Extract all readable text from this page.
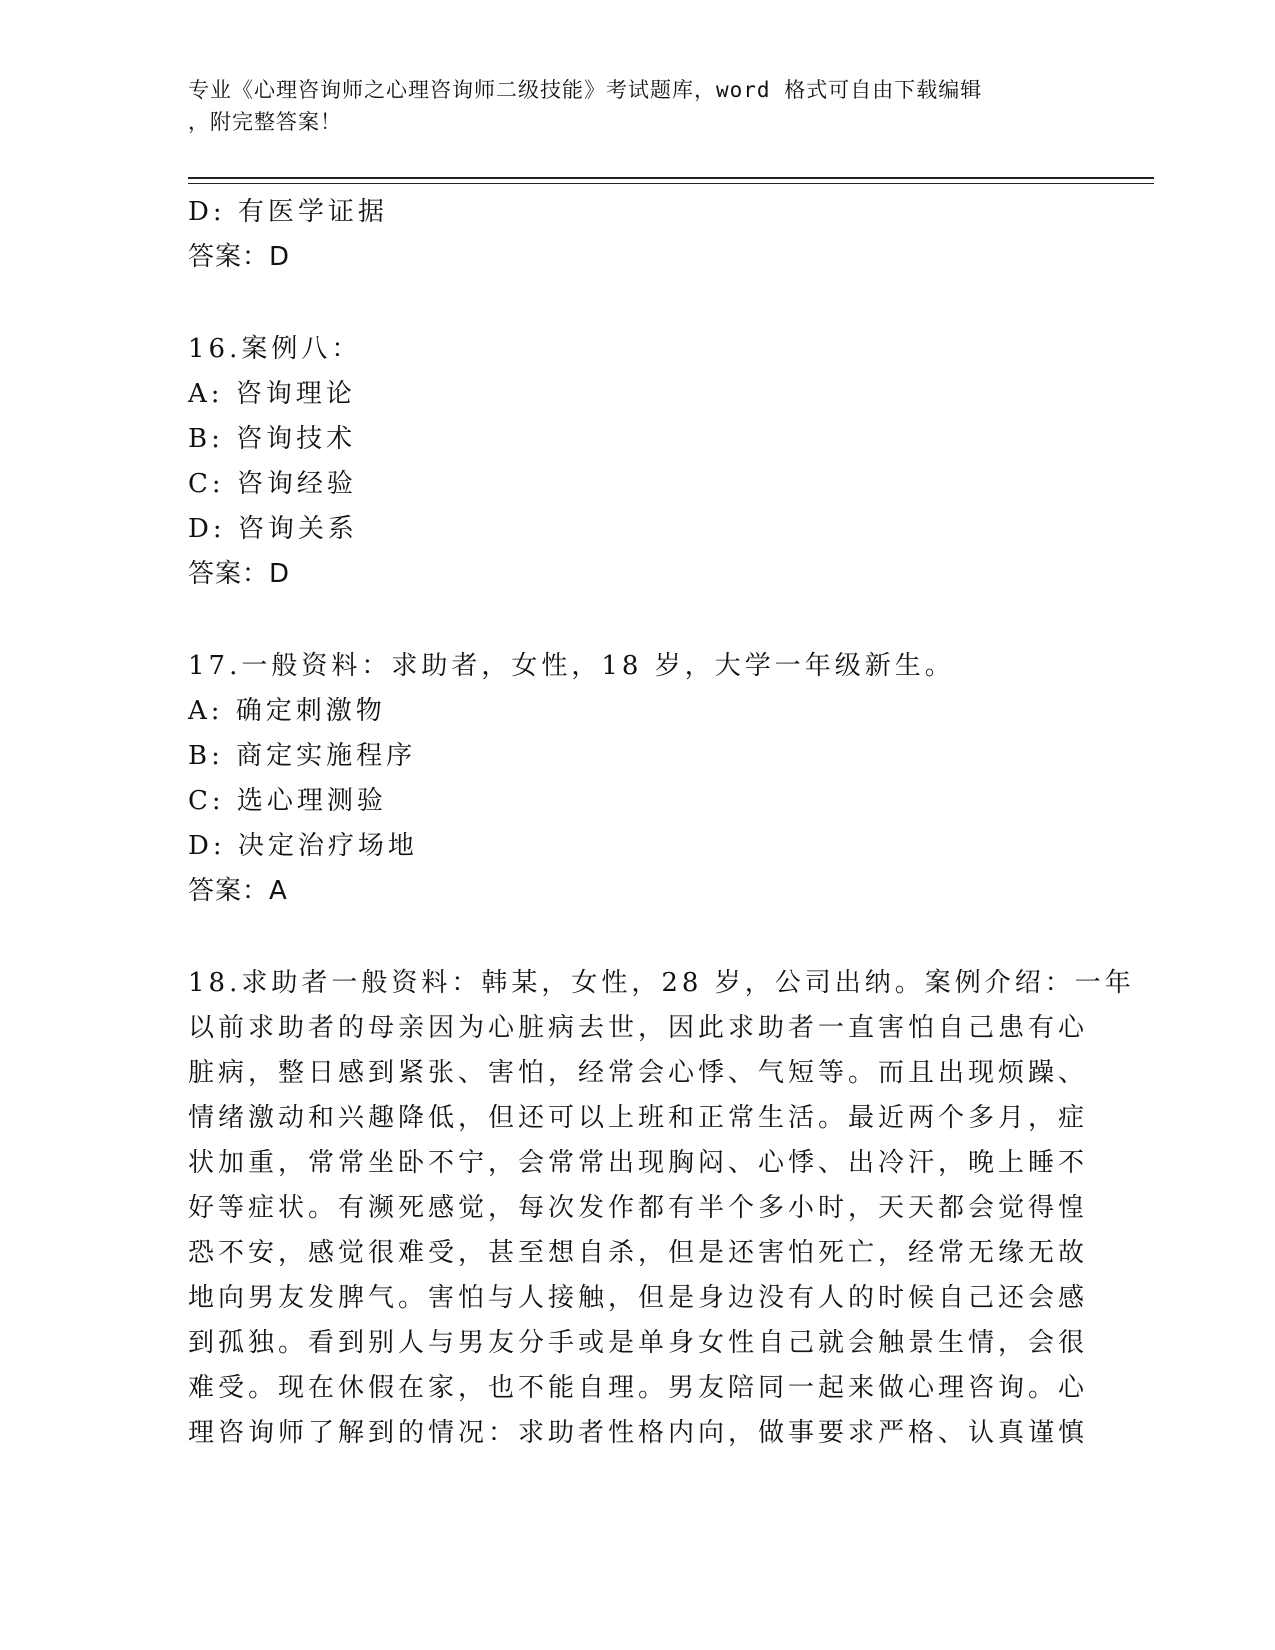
专业《心理咨询师之心理咨询师二级技能》考试题库，word 格式可自由下载编辑
，附完整答案！
D: 有医学证据
答案：D
16.案例八：
A: 咨询理论
B: 咨询技术
C: 咨询经验
D: 咨询关系
答案：D
17.一般资料：求助者，女性，18 岁，大学一年级新生。
A: 确定刺激物
B: 商定实施程序
C: 选心理测验
D: 决定治疗场地
答案：A
18.求助者一般资料：韩某，女性，28 岁，公司出纳。案例介绍：一年
以前求助者的母亲因为心脏病去世，因此求助者一直害怕自己患有心
脏病，整日感到紧张、害怕，经常会心悸、气短等。而且出现烦躁、
情绪激动和兴趣降低，但还可以上班和正常生活。最近两个多月，症
状加重，常常坐卧不宁，会常常出现胸闷、心悸、出冷汗，晚上睡不
好等症状。有濒死感觉，每次发作都有半个多小时，天天都会觉得惶
恐不安，感觉很难受，甚至想自杀，但是还害怕死亡，经常无缘无故
地向男友发脾气。害怕与人接触，但是身边没有人的时候自己还会感
到孤独。看到别人与男友分手或是单身女性自己就会触景生情，会很
难受。现在休假在家，也不能自理。男友陪同一起来做心理咨询。心
理咨询师了解到的情况：求助者性格内向，做事要求严格、认真谨慎
